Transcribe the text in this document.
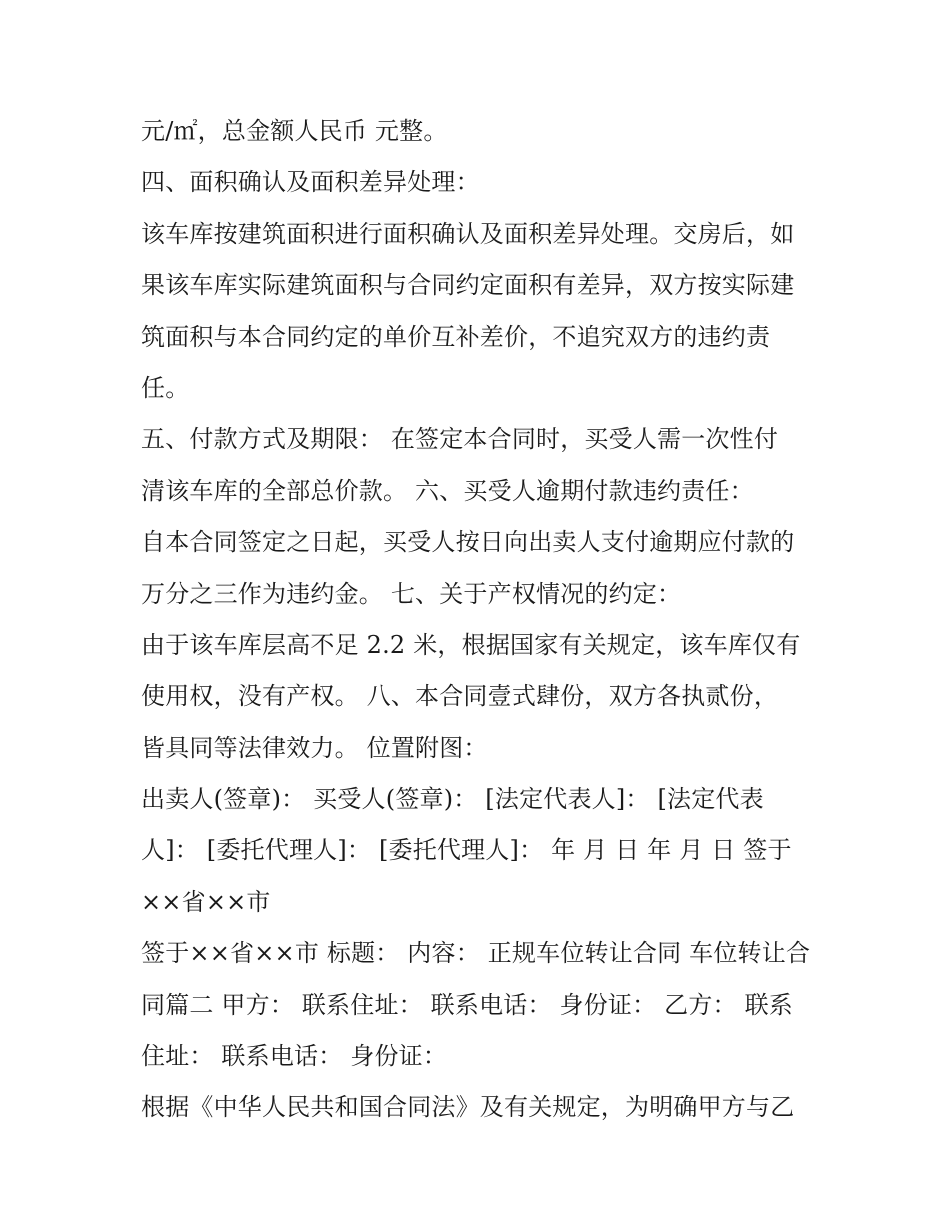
元/㎡，总金额人民币 元整。
四、面积确认及面积差异处理：
该车库按建筑面积进行面积确认及面积差异处理。交房后，如
果该车库实际建筑面积与合同约定面积有差异，双方按实际建
筑面积与本合同约定的单价互补差价，不追究双方的违约责
任。
五、付款方式及期限： 在签定本合同时，买受人需一次性付
清该车库的全部总价款。 六、买受人逾期付款违约责任：
自本合同签定之日起，买受人按日向出卖人支付逾期应付款的
万分之三作为违约金。 七、关于产权情况的约定：
由于该车库层高不足 2.2 米，根据国家有关规定，该车库仅有
使用权，没有产权。 八、本合同壹式肆份，双方各执贰份，
皆具同等法律效力。 位置附图：
出卖人(签章)： 买受人(签章)： [法定代表人]： [法定代表
人]： [委托代理人]： [委托代理人]： 年 月 日 年 月 日 签于
××省××市
签于××省××市 标题： 内容： 正规车位转让合同 车位转让合
同篇二 甲方： 联系住址： 联系电话： 身份证： 乙方： 联系
住址： 联系电话： 身份证：
根据《中华人民共和国合同法》及有关规定，为明确甲方与乙
